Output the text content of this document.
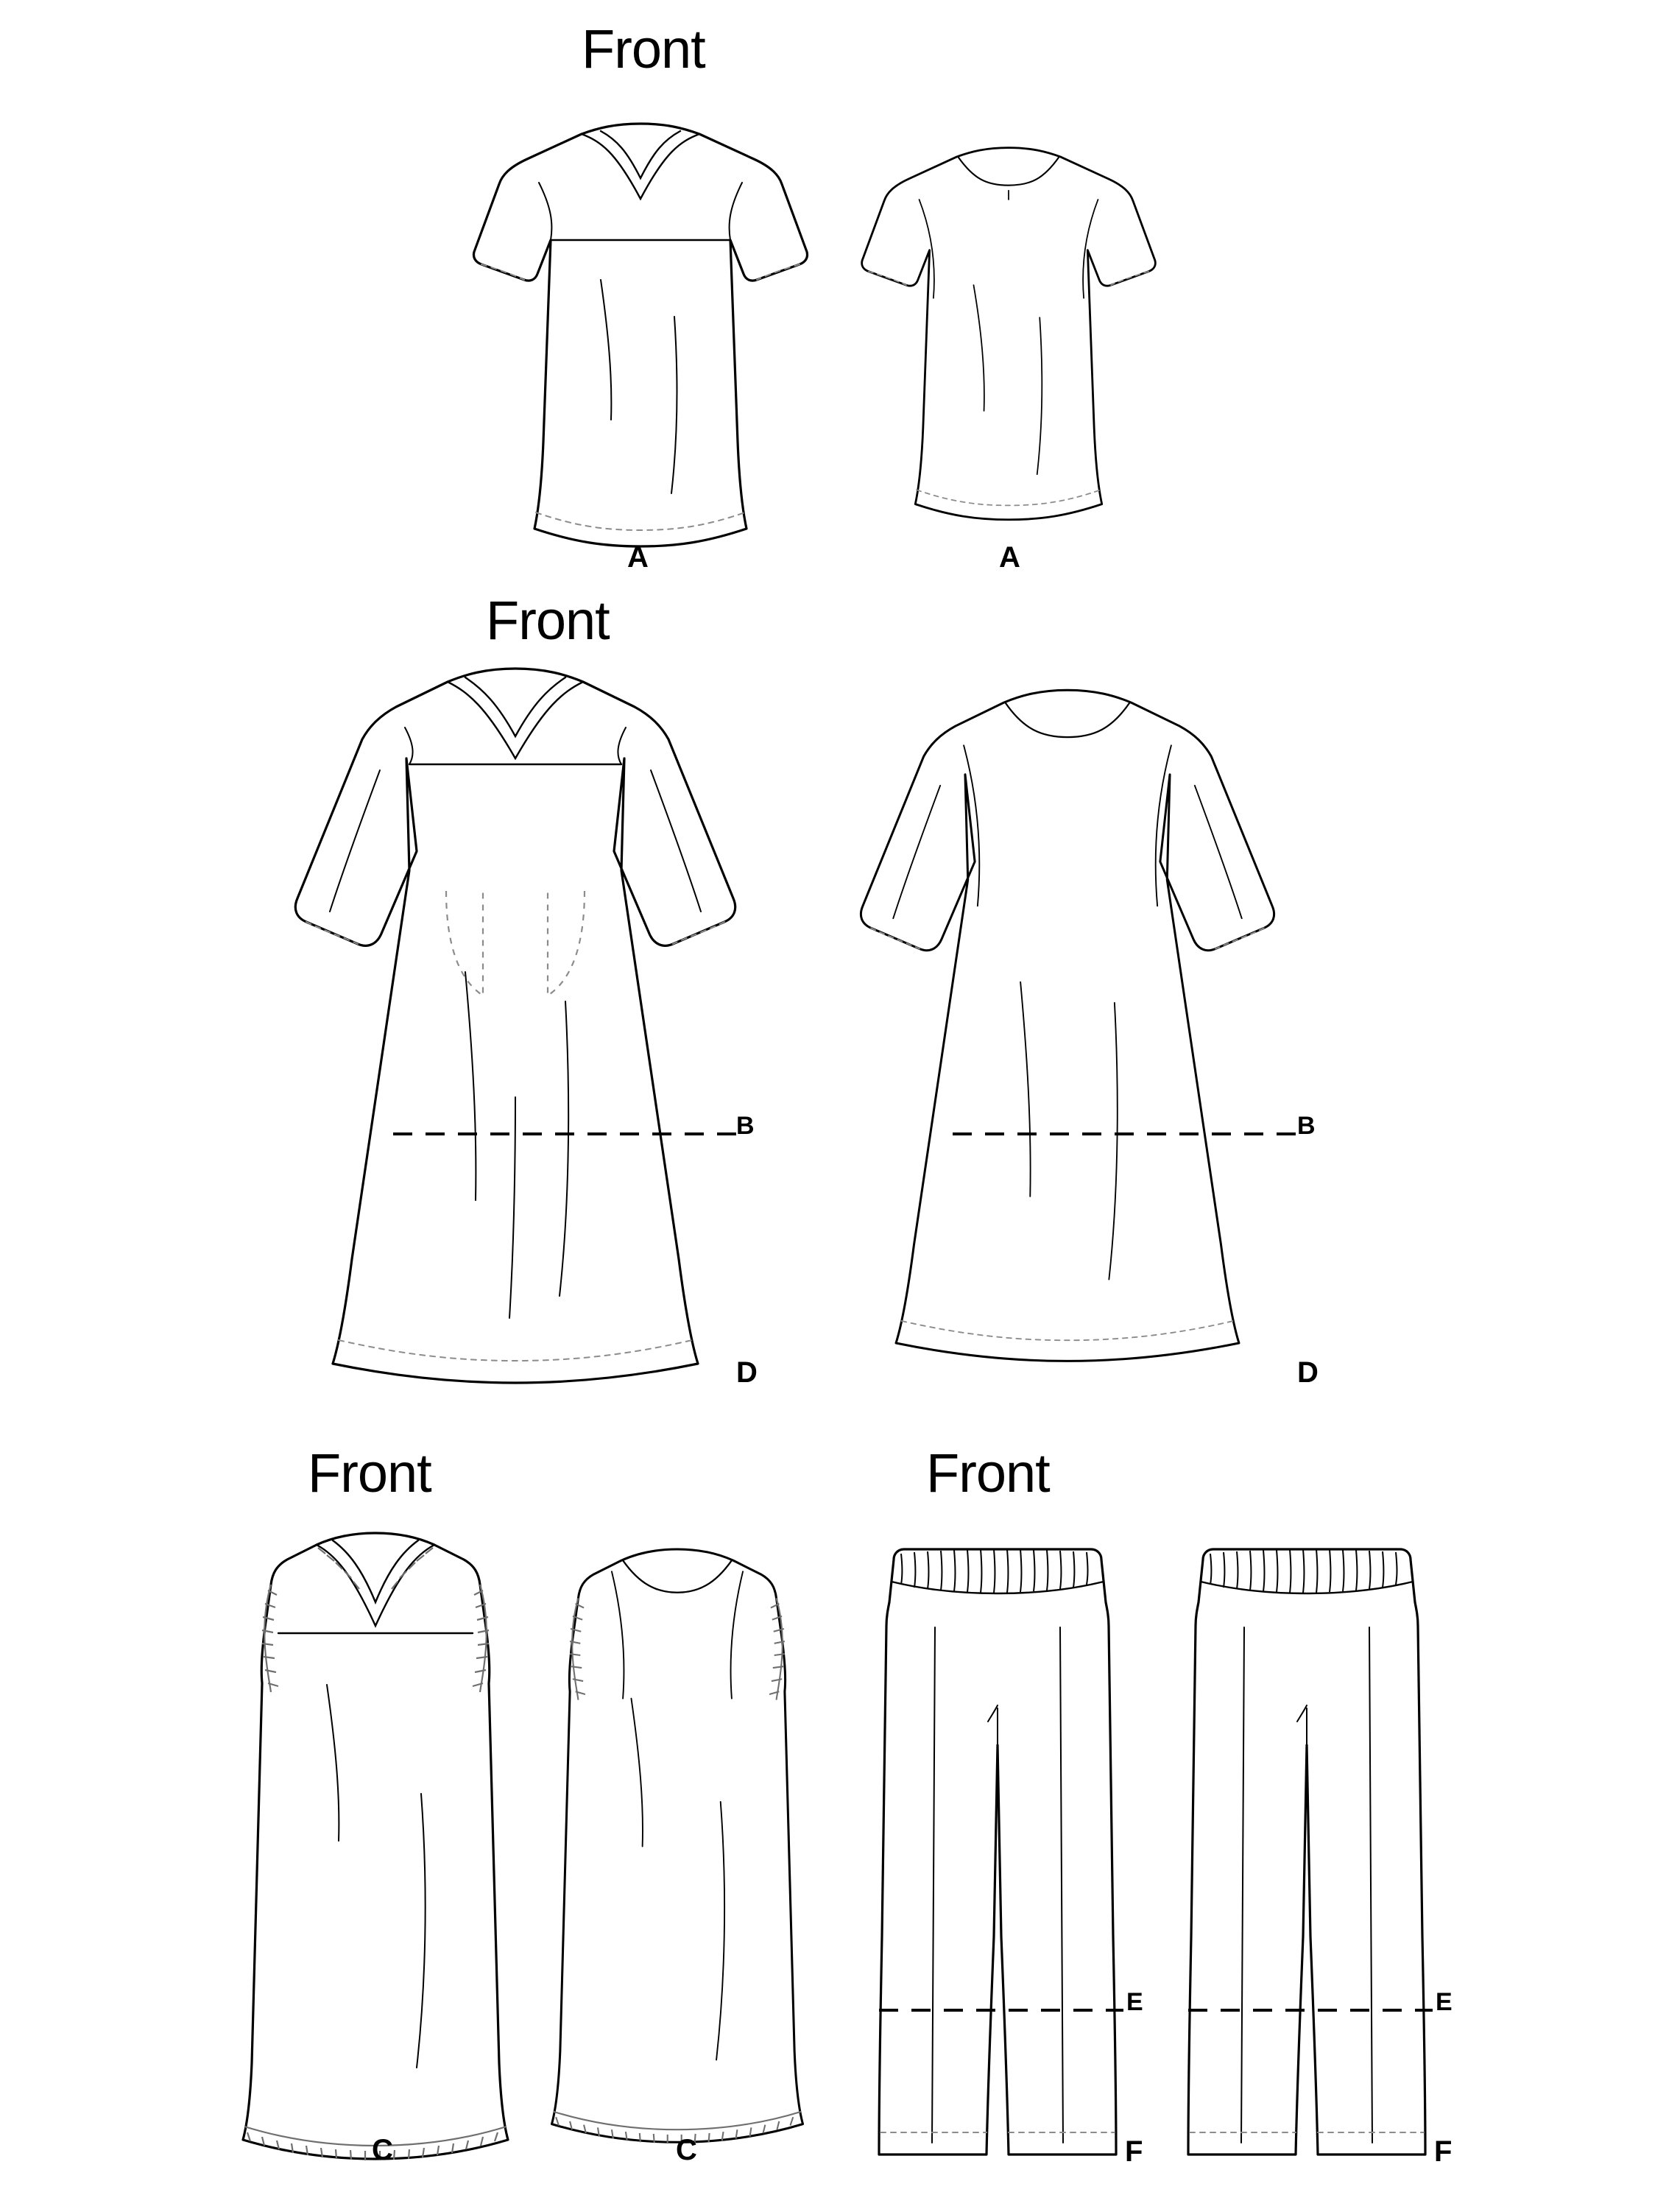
Front
A	A
Front
D
B
D
B
Front
C	C
Front
F
E
F
E
